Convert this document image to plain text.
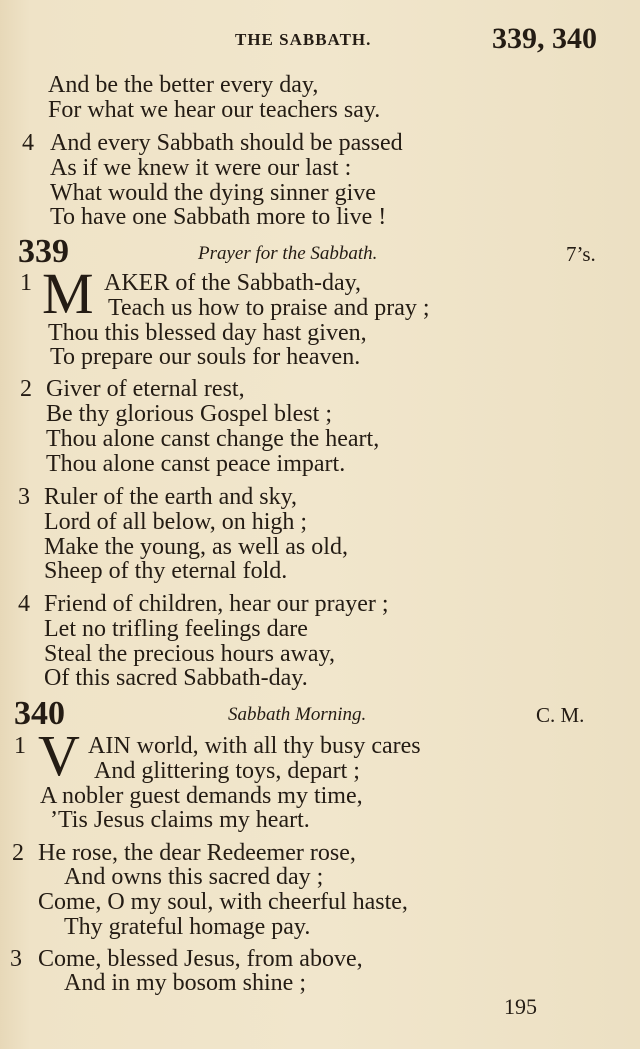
THE SABBATH.	339, 340
And be the better every day,
For what we hear our teachers say.
4 And every Sabbath should be passed
As if we knew it were our last :
What would the dying sinner give
To have one Sabbath more to live !
339	Prayer for the Sabbath.	7’s.
1 M AKER of the Sabbath-day,
Teach us how to praise and pray ;
Thou this blessed day hast given,
To prepare our souls for heaven.
2 Giver of eternal rest,
Be thy glorious Gospel blest ;
Thou alone canst change the heart,
Thou alone canst peace impart.
3 Ruler of the earth and sky,
Lord of all below, on high ;
Make the young, as well as old,
Sheep of thy eternal fold.
4 Friend of children, hear our prayer ;
Let no trifling feelings dare
Steal the precious hours away,
Of this sacred Sabbath-day.
340	Sabbath Morning.	C. M.
1 V AIN world, with all thy busy cares
And glittering toys, depart ;
A nobler guest demands my time,
’Tis Jesus claims my heart.
2 He rose, the dear Redeemer rose,
And owns this sacred day ;
Come, O my soul, with cheerful haste,
Thy grateful homage pay.
3 Come, blessed Jesus, from above,
And in my bosom shine ;
195
